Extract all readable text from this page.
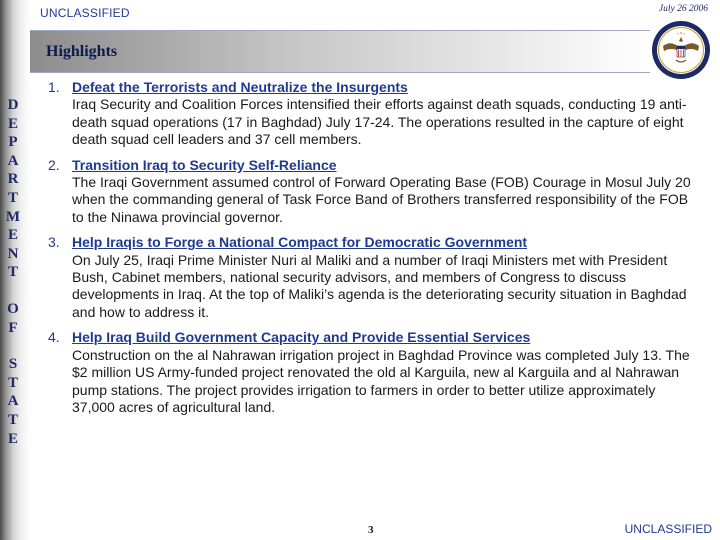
D
E
P
A
R
T
M
E
N
T
O
F
S
T
A
T
E
UNCLASSIFIED	July 26 2006
Highlights
1. Defeat the Terrorists and Neutralize the Insurgents
Iraq Security and Coalition Forces intensified their efforts against death squads, conducting 19 anti-death squad operations (17 in Baghdad) July 17-24. The operations resulted in the capture of eight death squad cell leaders and 37 cell members.
2. Transition Iraq to Security Self-Reliance
The Iraqi Government assumed control of Forward Operating Base (FOB) Courage in Mosul July 20 when the commanding general of Task Force Band of Brothers transferred responsibility of the FOB to the Ninawa provincial governor.
3. Help Iraqis to Forge a National Compact for Democratic Government
On July 25, Iraqi Prime Minister Nuri al Maliki and a number of Iraqi Ministers met with President Bush, Cabinet members, national security advisors, and members of Congress to discuss developments in Iraq. At the top of Maliki’s agenda is the deteriorating security situation in Baghdad and how to address it.
4. Help Iraq Build Government Capacity and Provide Essential Services
Construction on the al Nahrawan irrigation project in Baghdad Province was completed July 13. The $2 million US Army-funded project renovated the old al Karguila, new al Karguila and al Nahrawan pump stations. The project provides irrigation to farmers in order to better utilize approximately 37,000 acres of agricultural land.
3	UNCLASSIFIED
